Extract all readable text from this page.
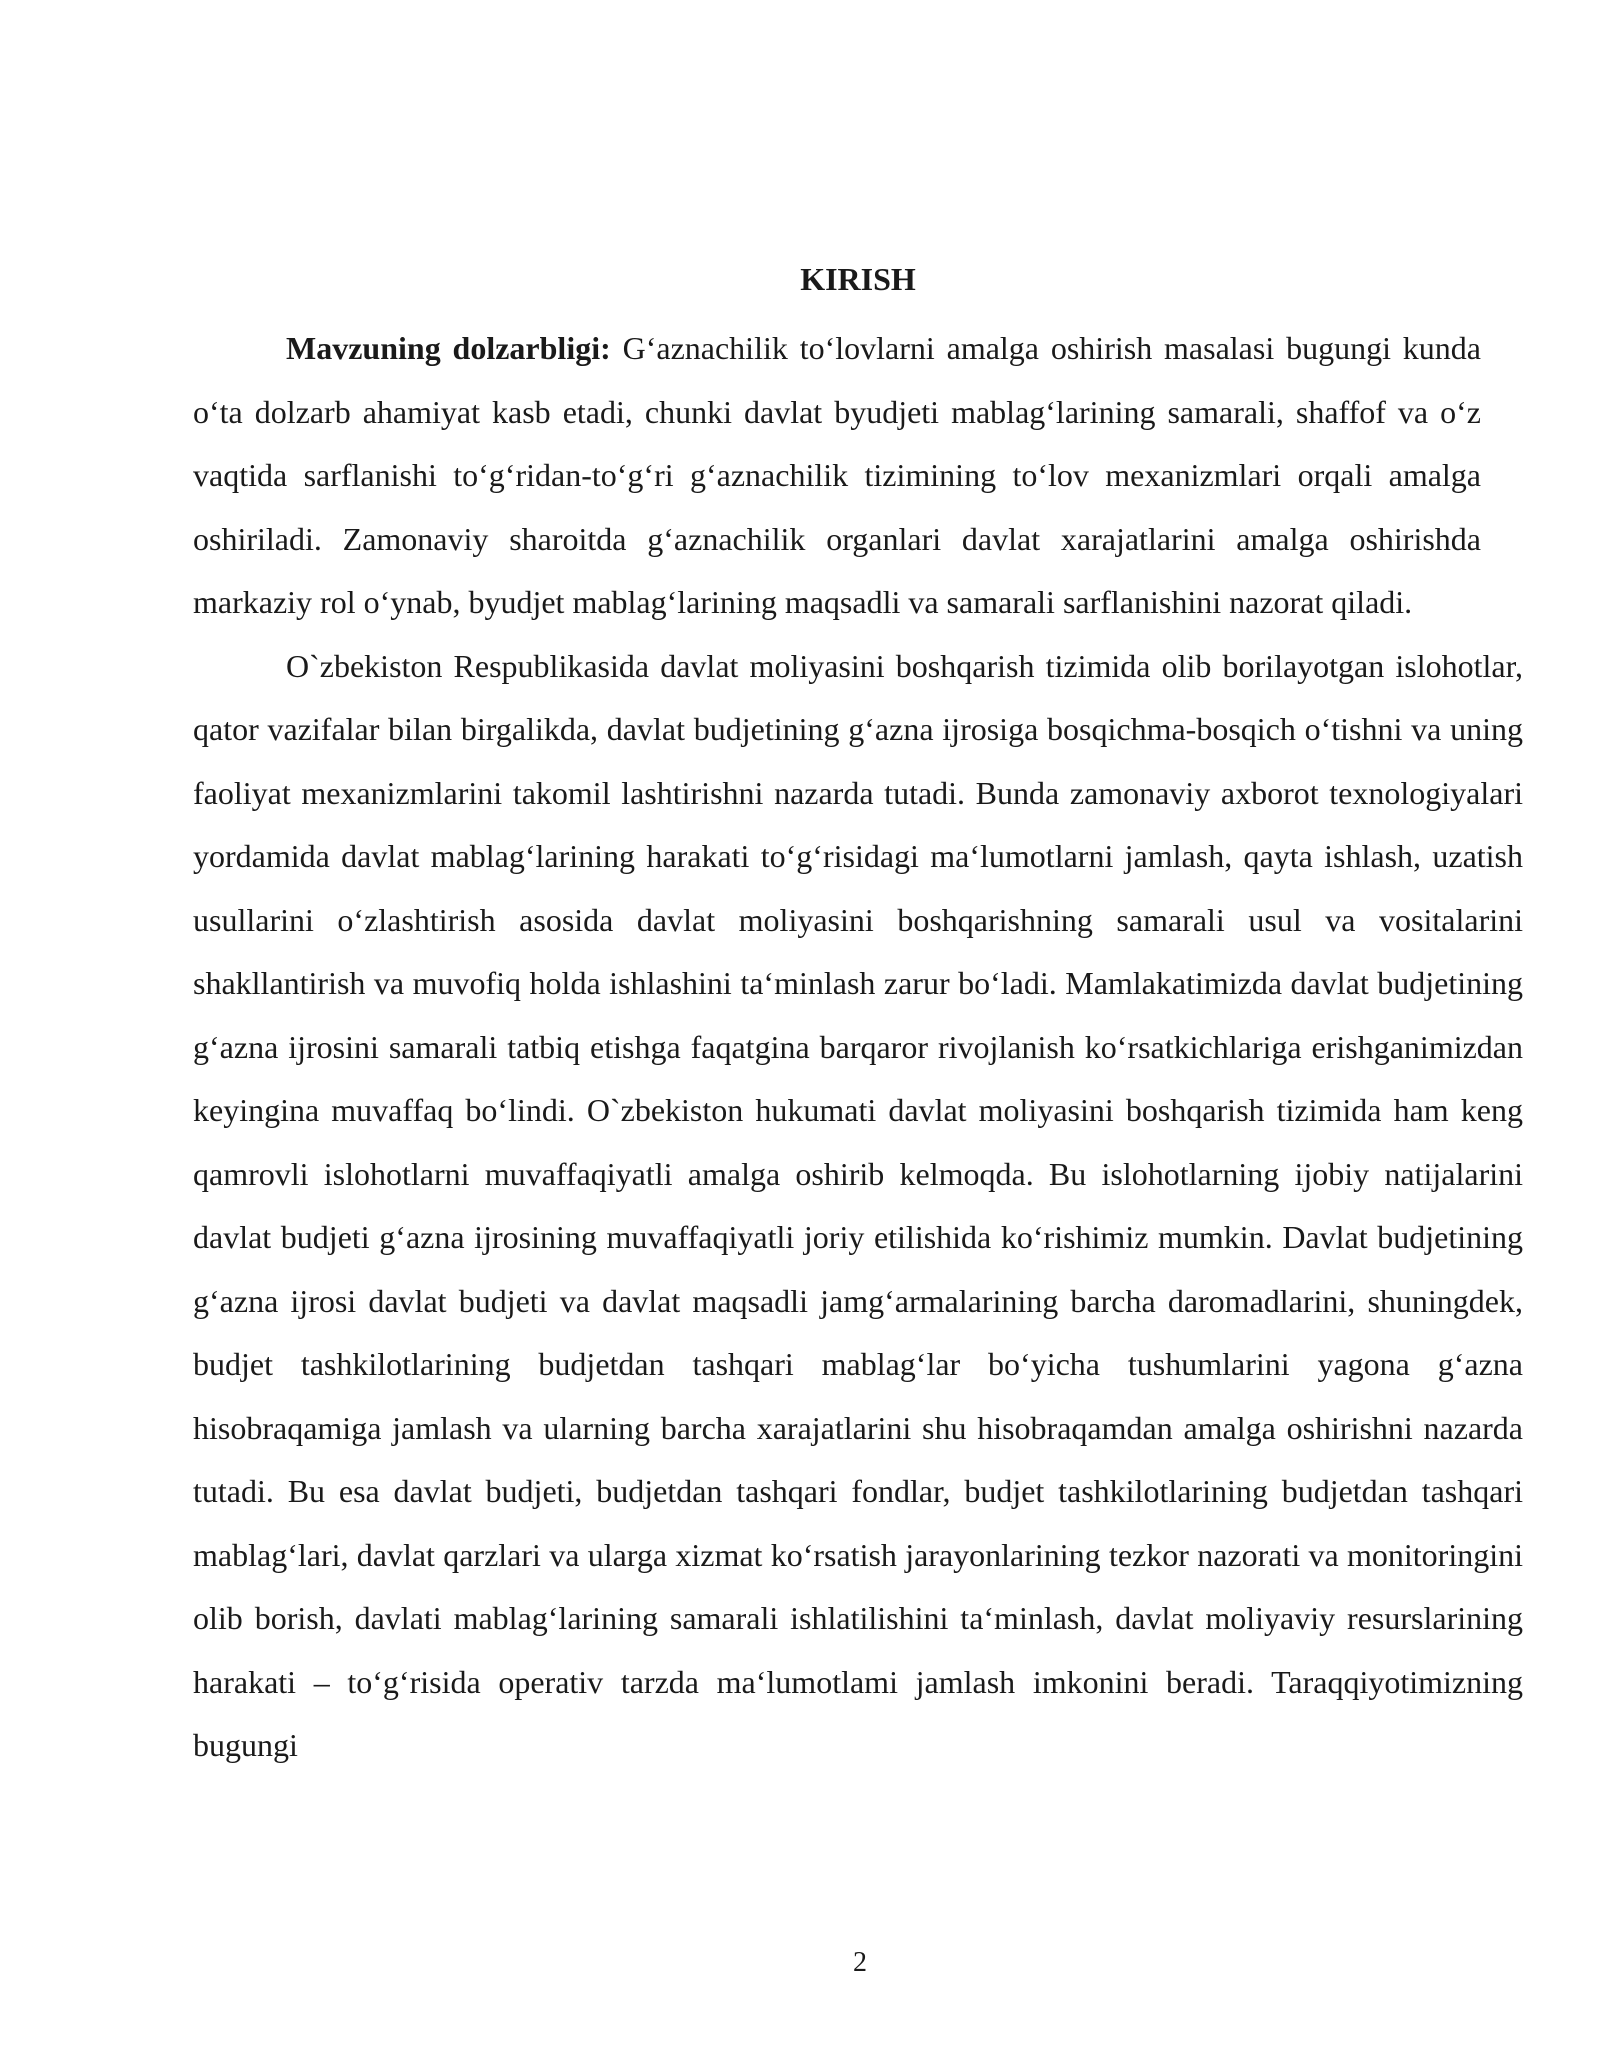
KIRISH

Mavzuning dolzarbligi: G‘aznachilik to‘lovlarni amalga oshirish masalasi bugungi kunda o‘ta dolzarb ahamiyat kasb etadi, chunki davlat byudjeti mablag‘larining samarali, shaffof va o‘z vaqtida sarflanishi to‘g‘ridan-to‘g‘ri g‘aznachilik tizimining to‘lov mexanizmlari orqali amalga oshiriladi. Zamonaviy sharoitda g‘aznachilik organlari davlat xarajatlarini amalga oshirishda markaziy rol o‘ynab, byudjet mablag‘larining maqsadli va samarali sarflanishini nazorat qiladi.

O`zbekiston Respublikasida davlat moliyasini boshqarish tizimida olib borilayotgan islohotlar, qator vazifalar bilan birgalikda, davlat budjetining g‘azna ijrosiga bosqichma-bosqich o‘tishni va uning faoliyat mexanizmlarini takomil lashtirishni nazarda tutadi. Bunda zamonaviy axborot texnologiyalari yordamida davlat mablag‘larining harakati to‘g‘risidagi ma‘lumotlarni jamlash, qayta ishlash, uzatish usullarini o‘zlashtirish asosida davlat moliyasini boshqarishning samarali usul va vositalarini shakllantirish va muvofiq holda ishlashini ta‘minlash zarur bo‘ladi. Mamlakatimizda davlat budjetining g‘azna ijrosini samarali tatbiq etishga faqatgina barqaror rivojlanish ko‘rsatkichlariga erishganimizdan keyingina muvaffaq bo‘lindi. O`zbekiston hukumati davlat moliyasini boshqarish tizimida ham keng qamrovli islohotlarni muvaffaqiyatli amalga oshirib kelmoqda. Bu islohotlarning ijobiy natijalarini davlat budjeti g‘azna ijrosining muvaffaqiyatli joriy etilishida ko‘rishimiz mumkin. Davlat budjetining g‘azna ijrosi davlat budjeti va davlat maqsadli jamg‘armalarining barcha daromadlarini, shuningdek, budjet tashkilotlarining budjetdan tashqari mablag‘lar bo‘yicha tushumlarini yagona g‘azna hisobraqamiga jamlash va ularning barcha xarajatlarini shu hisobraqamdan amalga oshirishni nazarda tutadi. Bu esa davlat budjeti, budjetdan tashqari fondlar, budjet tashkilotlarining budjetdan tashqari mablag‘lari, davlat qarzlari va ularga xizmat ko‘rsatish jarayonlarining tezkor nazorati va monitoringini olib borish, davlati mablag‘larining samarali ishlatilishini ta‘minlash, davlat moliyaviy resurslarining harakati – to‘g‘risida operativ tarzda ma‘lumotlami jamlash imkonini beradi. Taraqqiyotimizning bugungi

2
